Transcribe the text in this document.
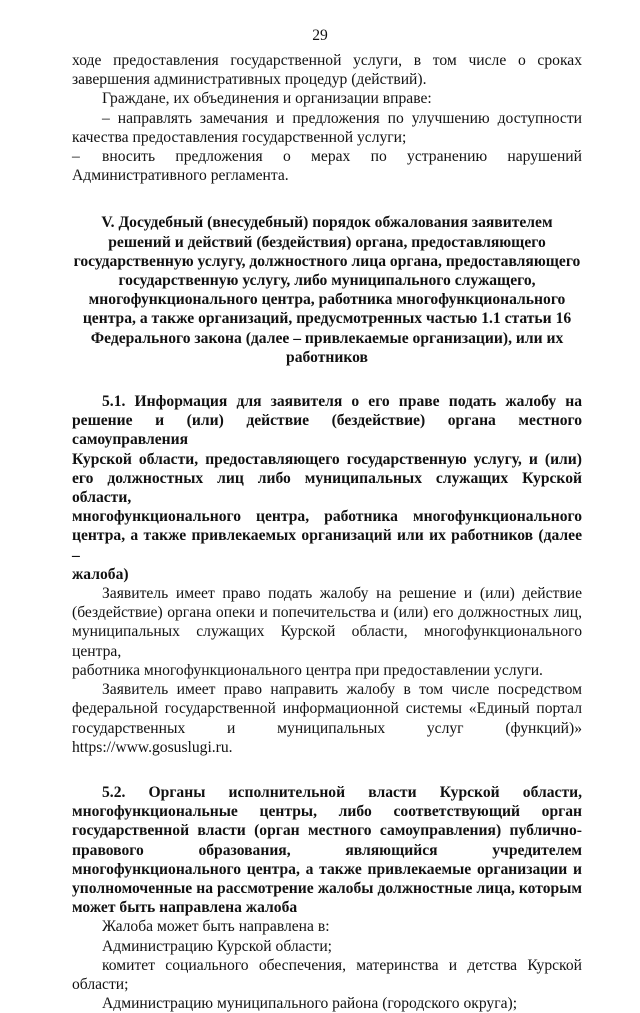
29

ходе предоставления государственной услуги, в том числе о сроках

завершения административных процедур (действий).

Граждане, их объединения и организации вправе:

– направлять замечания и предложения по улучшению доступности

качества предоставления государственной услуги;

–	вносить предложения о мерах по устранению нарушений

Административного регламента.

V. Досудебный (внесудебный) порядок обжалования заявителем

решений и действий (бездействия) органа, предоставляющего

государственную услугу, должностного лица органа, предоставляющего

государственную услугу, либо муниципального служащего,

многофункционального центра, работника многофункционального

центра, а также организаций, предусмотренных частью 1.1 статьи 16

Федерального закона (далее – привлекаемые организации), или их

работников

5.1. Информация для заявителя о его праве подать жалобу на

решение и (или) действие (бездействие) органа местного самоуправления

Курской области, предоставляющего государственную услугу, и (или)

его должностных лиц либо муниципальных служащих Курской области,

многофункционального центра, работника многофункционального

центра, а также привлекаемых организаций или их работников (далее –

жалоба)

Заявитель имеет право подать жалобу на решение и (или) действие

(бездействие) органа опеки и попечительства и (или) его должностных лиц,

муниципальных служащих Курской области, многофункционального центра,

работника многофункционального центра при предоставлении услуги.

Заявитель имеет право направить жалобу в том числе посредством

федеральной государственной информационной системы «Единый портал

государственных и муниципальных услуг (функций)»

https://www.gosuslugi.ru.

5.2. Органы исполнительной власти Курской области,

многофункциональные центры, либо соответствующий орган

государственной власти (орган местного самоуправления) публично-

правового образования, являющийся учредителем

многофункционального центра, а также привлекаемые организации и

уполномоченные на рассмотрение жалобы должностные лица, которым

может быть направлена жалоба

Жалоба может быть направлена в:

Администрацию Курской области;

комитет социального обеспечения, материнства и детства Курской

области;

Администрацию муниципального района (городского округа);
